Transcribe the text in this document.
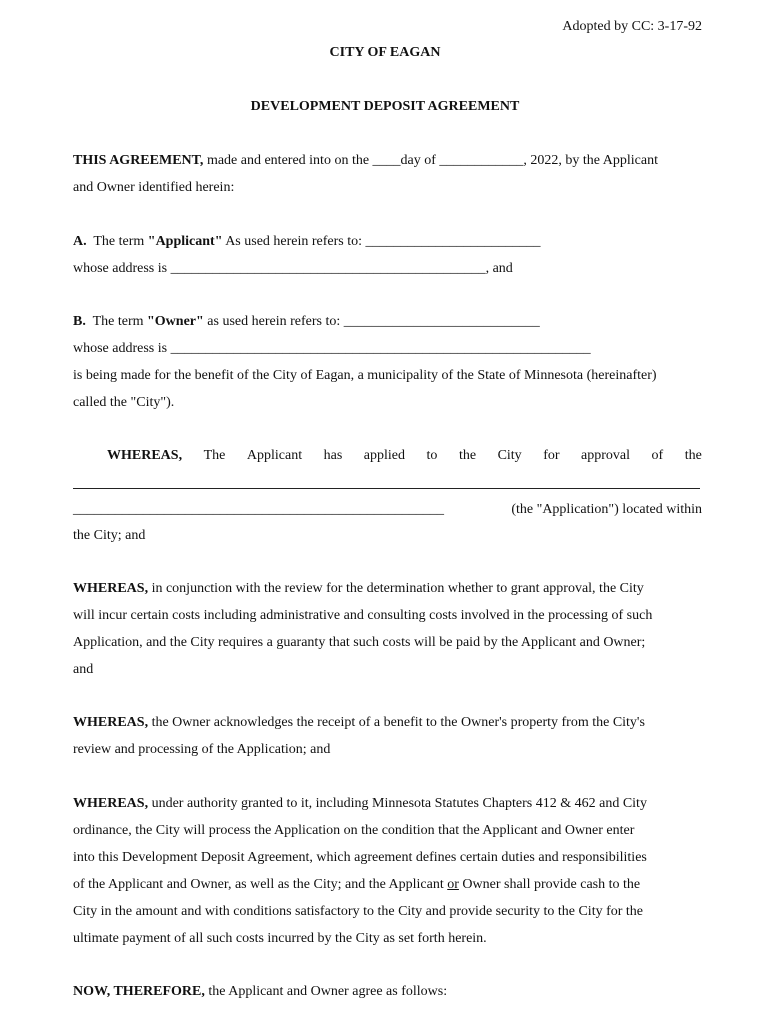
Adopted by CC: 3-17-92
CITY OF EAGAN
DEVELOPMENT DEPOSIT AGREEMENT
THIS AGREEMENT, made and entered into on the ____day of ____________, 2022, by the Applicant
and Owner identified herein:
A.  The term "Applicant" As used herein refers to: _________________________
whose address is _____________________________________________, and
B.  The term "Owner" as used herein refers to: ____________________________
whose address is ____________________________________________________________
is being made for the benefit of the City of Eagan, a municipality of the State of Minnesota (hereinafter)
called the "City").
WHEREAS, The Applicant has applied to the City for approval of the
_____________________________________________________	(the "Application") located within
the City; and
WHEREAS, in conjunction with the review for the determination whether to grant approval, the City
will incur certain costs including administrative and consulting costs involved in the processing of such
Application, and the City requires a guaranty that such costs will be paid by the Applicant and Owner;
and
WHEREAS, the Owner acknowledges the receipt of a benefit to the Owner's property from the City's
review and processing of the Application; and
WHEREAS, under authority granted to it, including Minnesota Statutes Chapters 412 & 462 and City
ordinance, the City will process the Application on the condition that the Applicant and Owner enter
into this Development Deposit Agreement, which agreement defines certain duties and responsibilities
of the Applicant and Owner, as well as the City; and the Applicant or Owner shall provide cash to the
City in the amount and with conditions satisfactory to the City and provide security to the City for the
ultimate payment of all such costs incurred by the City as set forth herein.
NOW, THEREFORE, the Applicant and Owner agree as follows:
